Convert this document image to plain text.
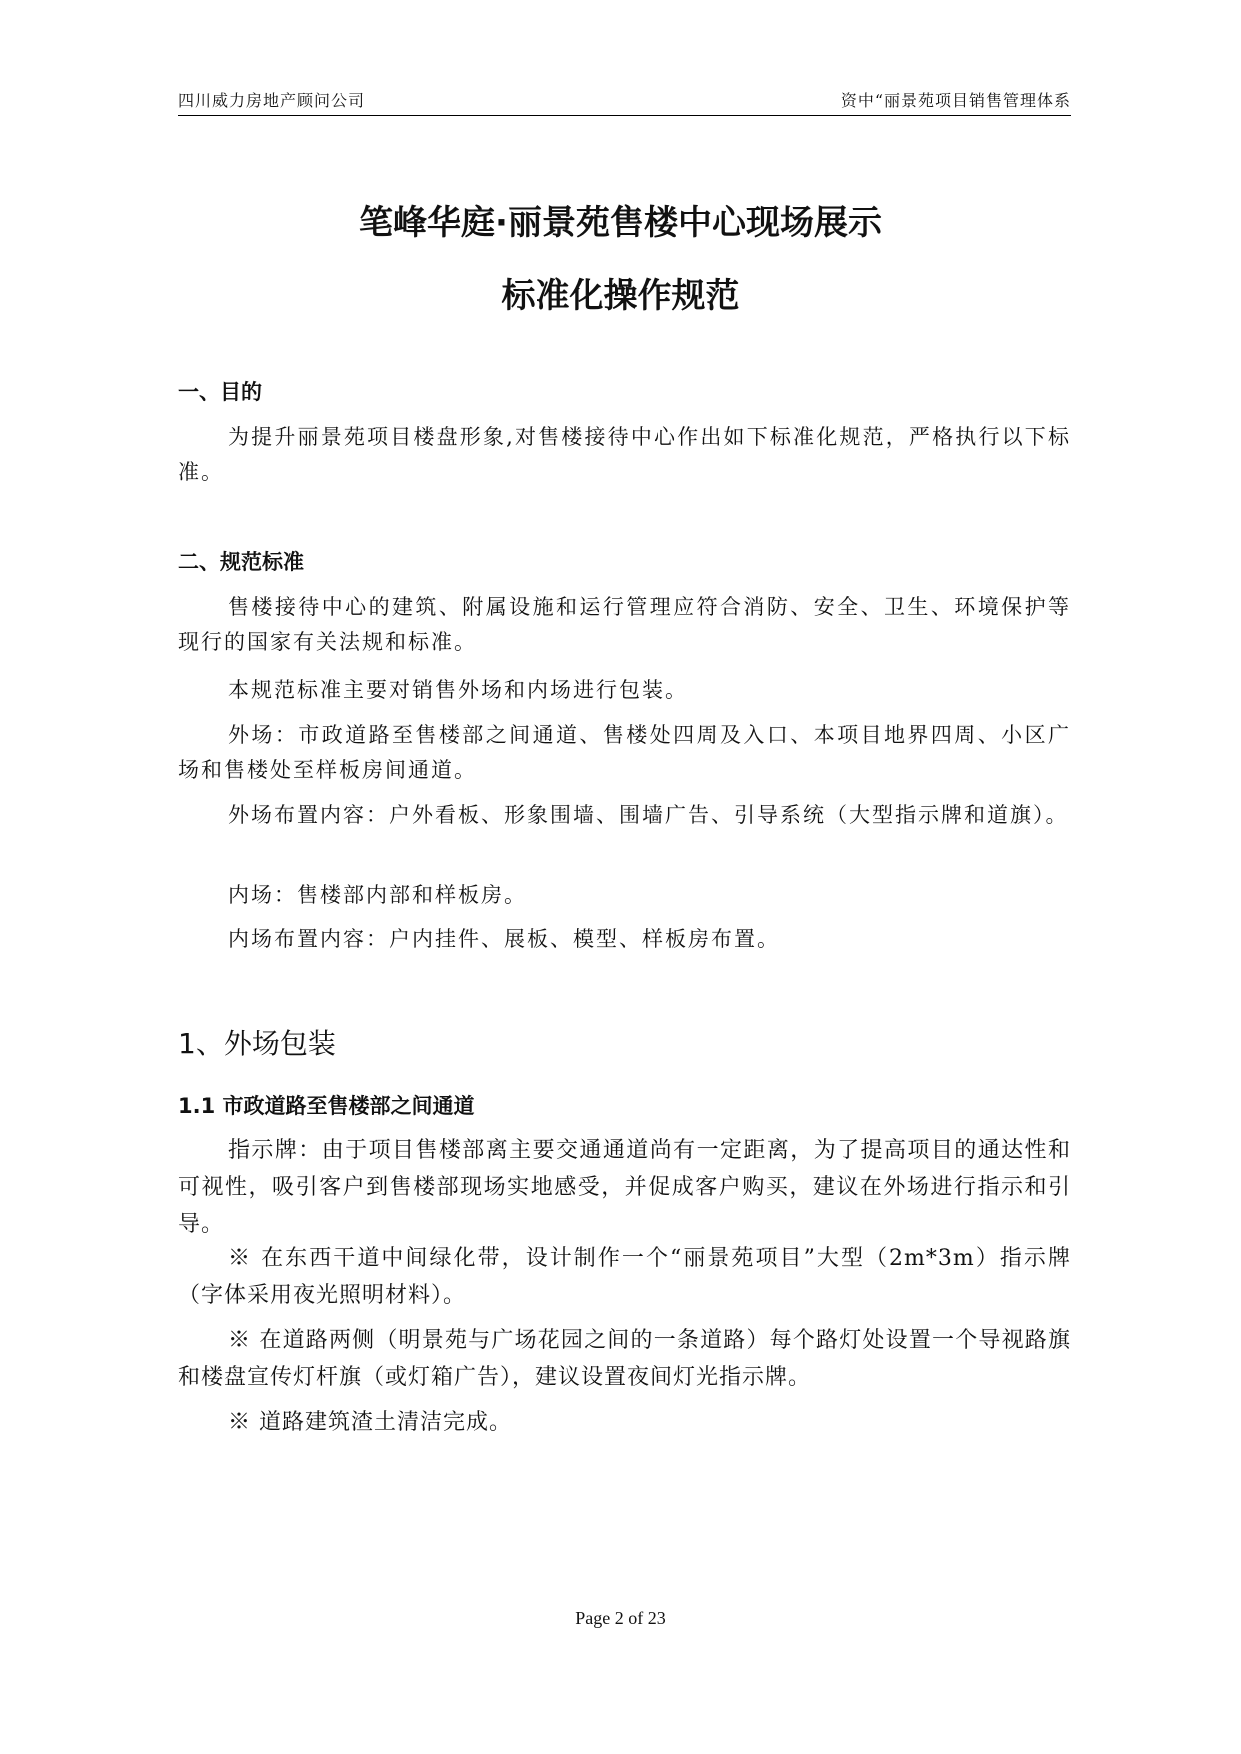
四川威力房地产顾问公司	资中“丽景苑项目销售管理体系
笔峰华庭·丽景苑售楼中心现场展示
标准化操作规范
一、目的
为提升丽景苑项目楼盘形象,对售楼接待中心作出如下标准化规范，严格执行以下标准。
二、规范标准
售楼接待中心的建筑、附属设施和运行管理应符合消防、安全、卫生、环境保护等现行的国家有关法规和标准。
本规范标准主要对销售外场和内场进行包装。
外场：市政道路至售楼部之间通道、售楼处四周及入口、本项目地界四周、小区广场和售楼处至样板房间通道。
外场布置内容：户外看板、形象围墙、围墙广告、引导系统（大型指示牌和道旗）。
内场：售楼部内部和样板房。
内场布置内容：户内挂件、展板、模型、样板房布置。
1、外场包装
1.1 市政道路至售楼部之间通道
指示牌：由于项目售楼部离主要交通通道尚有一定距离，为了提高项目的通达性和可视性，吸引客户到售楼部现场实地感受，并促成客户购买，建议在外场进行指示和引导。
※ 在东西干道中间绿化带，设计制作一个“丽景苑项目”大型（2m*3m）指示牌（字体采用夜光照明材料）。
※ 在道路两侧（明景苑与广场花园之间的一条道路）每个路灯处设置一个导视路旗和楼盘宣传灯杆旗（或灯箱广告），建议设置夜间灯光指示牌。
※ 道路建筑渣土清洁完成。
Page 2 of 23
